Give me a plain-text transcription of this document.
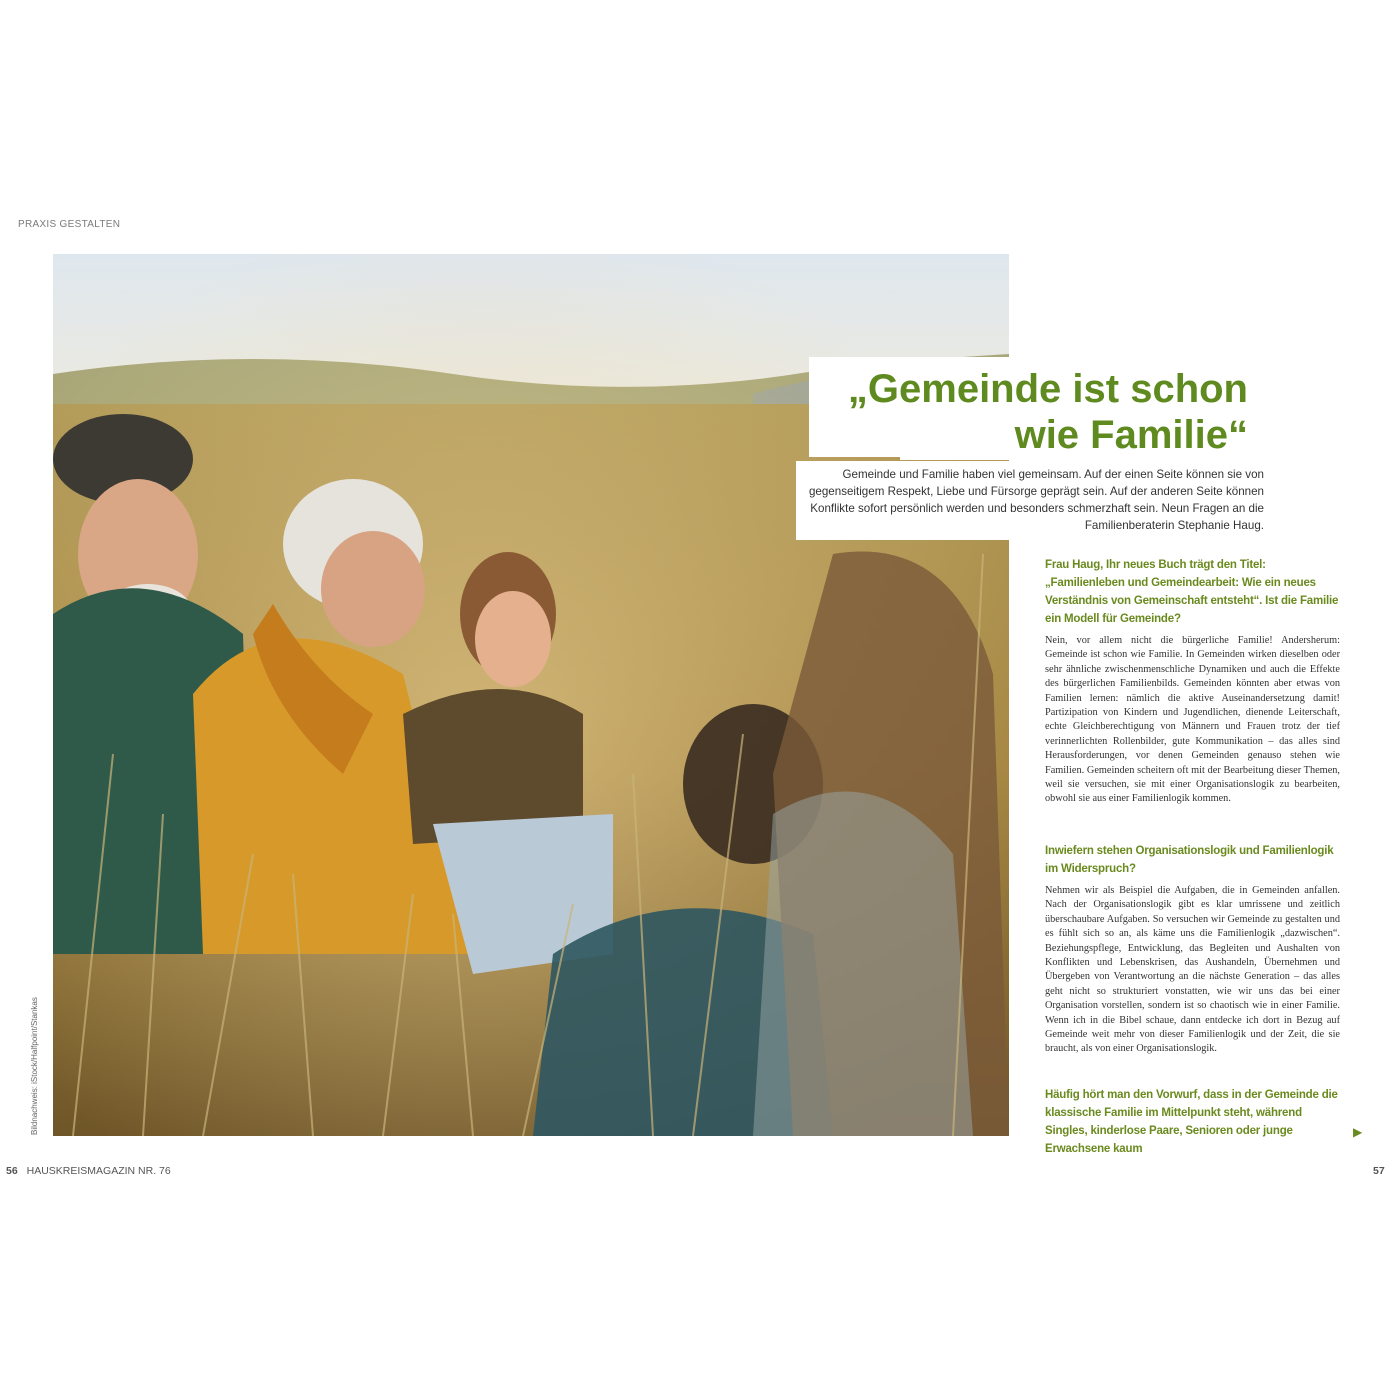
PRAXIS GESTALTEN
Bildnachweis: iStock/Halfpoint/Stankas
„Gemeinde ist schon
wie Familie“
Gemeinde und Familie haben viel gemeinsam. Auf der einen Seite können sie von gegenseitigem Respekt, Liebe und Fürsorge geprägt sein. Auf der anderen Seite können Konflikte sofort persönlich werden und besonders schmerzhaft sein. Neun Fragen an die Familienberaterin Stephanie Haug.
Frau Haug, Ihr neues Buch trägt den Titel: „Familienleben und Gemeindearbeit: Wie ein neues Verständnis von Gemeinschaft entsteht“. Ist die Familie ein Modell für Gemeinde?
Nein, vor allem nicht die bürgerliche Familie! Andersherum: Gemeinde ist schon wie Familie. In Gemeinden wirken dieselben oder sehr ähnliche zwischenmenschliche Dynamiken und auch die Effekte des bürgerlichen Familienbilds. Gemeinden könnten aber etwas von Familien lernen: nämlich die aktive Auseinandersetzung damit! Partizipation von Kindern und Jugendlichen, dienende Leiterschaft, echte Gleichberechtigung von Männern und Frauen trotz der tief verinnerlichten Rollenbilder, gute Kommunikation – das alles sind Herausforderungen, vor denen Gemeinden genauso stehen wie Familien. Gemeinden scheitern oft mit der Bearbeitung dieser Themen, weil sie versuchen, sie mit einer Organisationslogik zu bearbeiten, obwohl sie aus einer Familienlogik kommen.
Inwiefern stehen Organisationslogik und Familienlogik im Widerspruch?
Nehmen wir als Beispiel die Aufgaben, die in Gemeinden anfallen. Nach der Organisationslogik gibt es klar umrissene und zeitlich überschaubare Aufgaben. So versuchen wir Gemeinde zu gestalten und es fühlt sich so an, als käme uns die Familienlogik „dazwischen“. Beziehungspflege, Entwicklung, das Begleiten und Aushalten von Konflikten und Lebenskrisen, das Aushandeln, Übernehmen und Übergeben von Verantwortung an die nächste Generation – das alles geht nicht so strukturiert vonstatten, wie wir uns das bei einer Organisation vorstellen, sondern ist so chaotisch wie in einer Familie. Wenn ich in die Bibel schaue, dann entdecke ich dort in Bezug auf Gemeinde weit mehr von dieser Familienlogik und der Zeit, die sie braucht, als von einer Organisationslogik.
Häufig hört man den Vorwurf, dass in der Gemeinde die klassische Familie im Mittelpunkt steht, während Singles, kinderlose Paare, Senioren oder junge Erwachsene kaum
▶
56 HAUSKREISMAGAZIN NR. 76	57
